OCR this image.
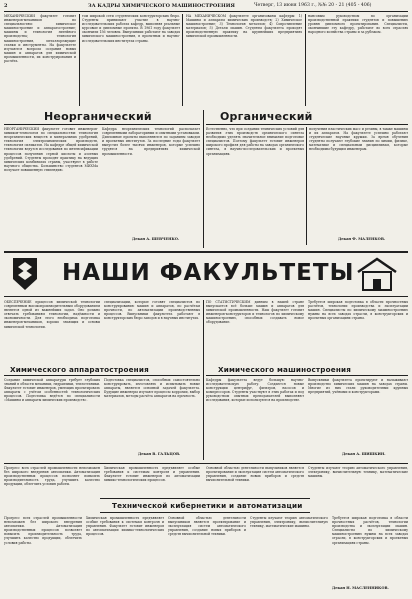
2	ЗА КАДРЫ ХИМИЧЕСКОГО МАШИНОСТРОЕНИЯ	Четверг, 13 июня 1963 г., №№ 20 - 21 (405 - 406)
МЕХАНИЧЕСКИЙ факультет готовит инженеров-механиков по специальностям: химическое машиностроение и аппаратостроение; машины и технология литейного производства; технология машиностроения, металлорежущие станки и инструменты. На факультете изучаются вопросы создания новых машин и аппаратов для химической промышленности, их конструирования и расчёта.
том широкой сети студенческих конструкторских бюро. Студенты принимают участие в научно-исследовательских работах кафедр, выполняя реальные курсовые и дипломные проекты. В 1961 году факультет окончили 156 человек. Выпускники работают на заводах химического машиностроения, в проектных и научно-исследовательских институтах страны.
НА МЕХАНИЧЕСКОМ факультете организованы кафедры: 1) Машины и аппараты химических производств; 2) Химическое машиностроение; 3) Технология металлов; 4) Сопротивление материалов; 5) Детали машин. Студенты факультета проходят производственную практику на крупнейших предприятиях химической промышленности.
нансовым руководством по организации производственной практики студентов и повышению уровня дипломного проектирования. Специалисты, окончившие эту кафедру, работают во всех отраслях народного хозяйства страны и за рубежом.
Неорганический
НЕОРГАНИЧЕСКИЙ факультет готовит инженеров-химиков-технологов по специальностям: технология неорганических веществ и минеральных удобрений, технология электрохимических производств, технология силикатов. На кафедре общей химической технологии ведутся исследования по интенсификации процессов получения серной кислоты и азотных удобрений. Студенты проходят практику на ведущих химических комбинатах страны, участвуют в работе научного общества. Большинство студентов МИХМа получает повышенную стипендию.
Кафедра неорганических технологий располагает современными лабораториями и опытными установками. Дипломные проекты выполняются по заданиям заводов и проектных институтов. За последние годы факультет выпустил более тысячи инженеров, которые успешно трудятся на предприятиях химической промышленности.
Декан А. ШЕВЧЕНКО.
Органический
Естественно, что при создании технических условий для развития этих производств органического синтеза необходимо уделять значительное внимание подготовке специалистов. Поэтому факультет готовит инженеров широкого профиля для работы на заводах органического синтеза, в научно-исследовательских и проектных организациях.
получения пластических масс и резины, в также машины и их аппаратов. На факультете успешно работают студенческие научные кружки. За время обучения студенты получают глубокие знания по химии, физике, математике и специальным дисциплинам, которые необходимы будущим инженерам.
Декан Ф. МАЛЕНКОВ.
НАШИ ФАКУЛЬТЕТЫ
ОБЕСПЕЧЕНИЕ процессов химической технологии современным высокопроизводительным оборудованием является одной из важнейших задач. Оно должно отвечать требованиям технологии, надёжности и экономичности. Для этого необходима подготовка инженеров-механиков, хорошо знающих и основы химической технологии.
специализации, которые готовят специалистов по конструированию машин и аппаратов, по расчётам прочности, по автоматизации производственных процессов. Выпускники факультета работают в конструкторских бюро заводов и в научных институтах.
ПО СТАТИСТИЧЕСКИМ данным в нашей стране выпускается всё больше машин и аппаратов для химической промышленности. Наш факультет готовит инженеров-конструкторов и технологов по химическому машиностроению, способных создавать новое оборудование.
Требуется широкая подготовка в области прочностных расчётов, технологии производства и эксплуатации машин. Специалисты по химическому машиностроению нужны на всех заводах отрасли, в конструкторских и проектных организациях страны.
Химического аппаратостроения
Создание химической аппаратуры требует глубоких знаний в области механики, гидравлики, теплотехники. Факультет готовит инженеров, умеющих проектировать аппараты с учётом особенностей технологических процессов. Подготовка ведётся по специальности «Машины и аппараты химических производств».
Подготовка специалистов, способных самостоятельно конструировать, изготовлять и испытывать новые аппараты, является основной задачей факультета. Будущие инженеры изучают процессы коррозии, выбор материалов, методы расчёта аппаратов на прочность.
Декан В. ГАЛЬЦОВ.
Химического машиностроения
Кафедры факультета ведут большую научно-исследовательскую работу. Создаются новые конструкции центрифуг, фильтров, насосов и компрессоров. Студенты участвуют в этих работах и под руководством опытных преподавателей выполняют исследования, которые используются на производстве.
Выпускники факультета проектируют и налаживают производство химических машин на заводах страны. Многие из них стали руководителями крупных предприятий, учёными и конструкторами.
Декан А. ШИШКИН.
Прогресс всех отраслей промышленности невозможен без широкого внедрения автоматики. Автоматизация производственных процессов позволяет повысить производительность труда, улучшить качество продукции, облегчить условия работы.
Химическая промышленность предъявляет особые требования к системам контроля и управления. Факультет готовит инженеров по автоматизации химико-технологических процессов.
Основной областью деятельности выпускников является проектирование и эксплуатация систем автоматического управления, создание новых приборов и средств вычислительной техники.
Студенты изучают теорию автоматического управления, электронику, вычислительную технику, математические машины.
Технической кибернетики и автоматизации
Прогресс всех отраслей промышленности невозможен без широкого внедрения автоматики. Автоматизация производственных процессов позволяет повысить производительность труда, улучшить качество продукции, облегчить условия работы.
Химическая промышленность предъявляет особые требования к системам контроля и управления. Факультет готовит инженеров по автоматизации химико-технологических процессов.
Основной областью деятельности выпускников является проектирование и эксплуатация систем автоматического управления, создание новых приборов и средств вычислительной техники.
Студенты изучают теорию автоматического управления, электронику, вычислительную технику, математические машины.
Требуется широкая подготовка в области прочностных расчётов, технологии производства и эксплуатации машин. Специалисты по химическому машиностроению нужны на всех заводах отрасли, в конструкторских и проектных организациях страны.
Декан Н. МАСЛЕННИКОВ.
